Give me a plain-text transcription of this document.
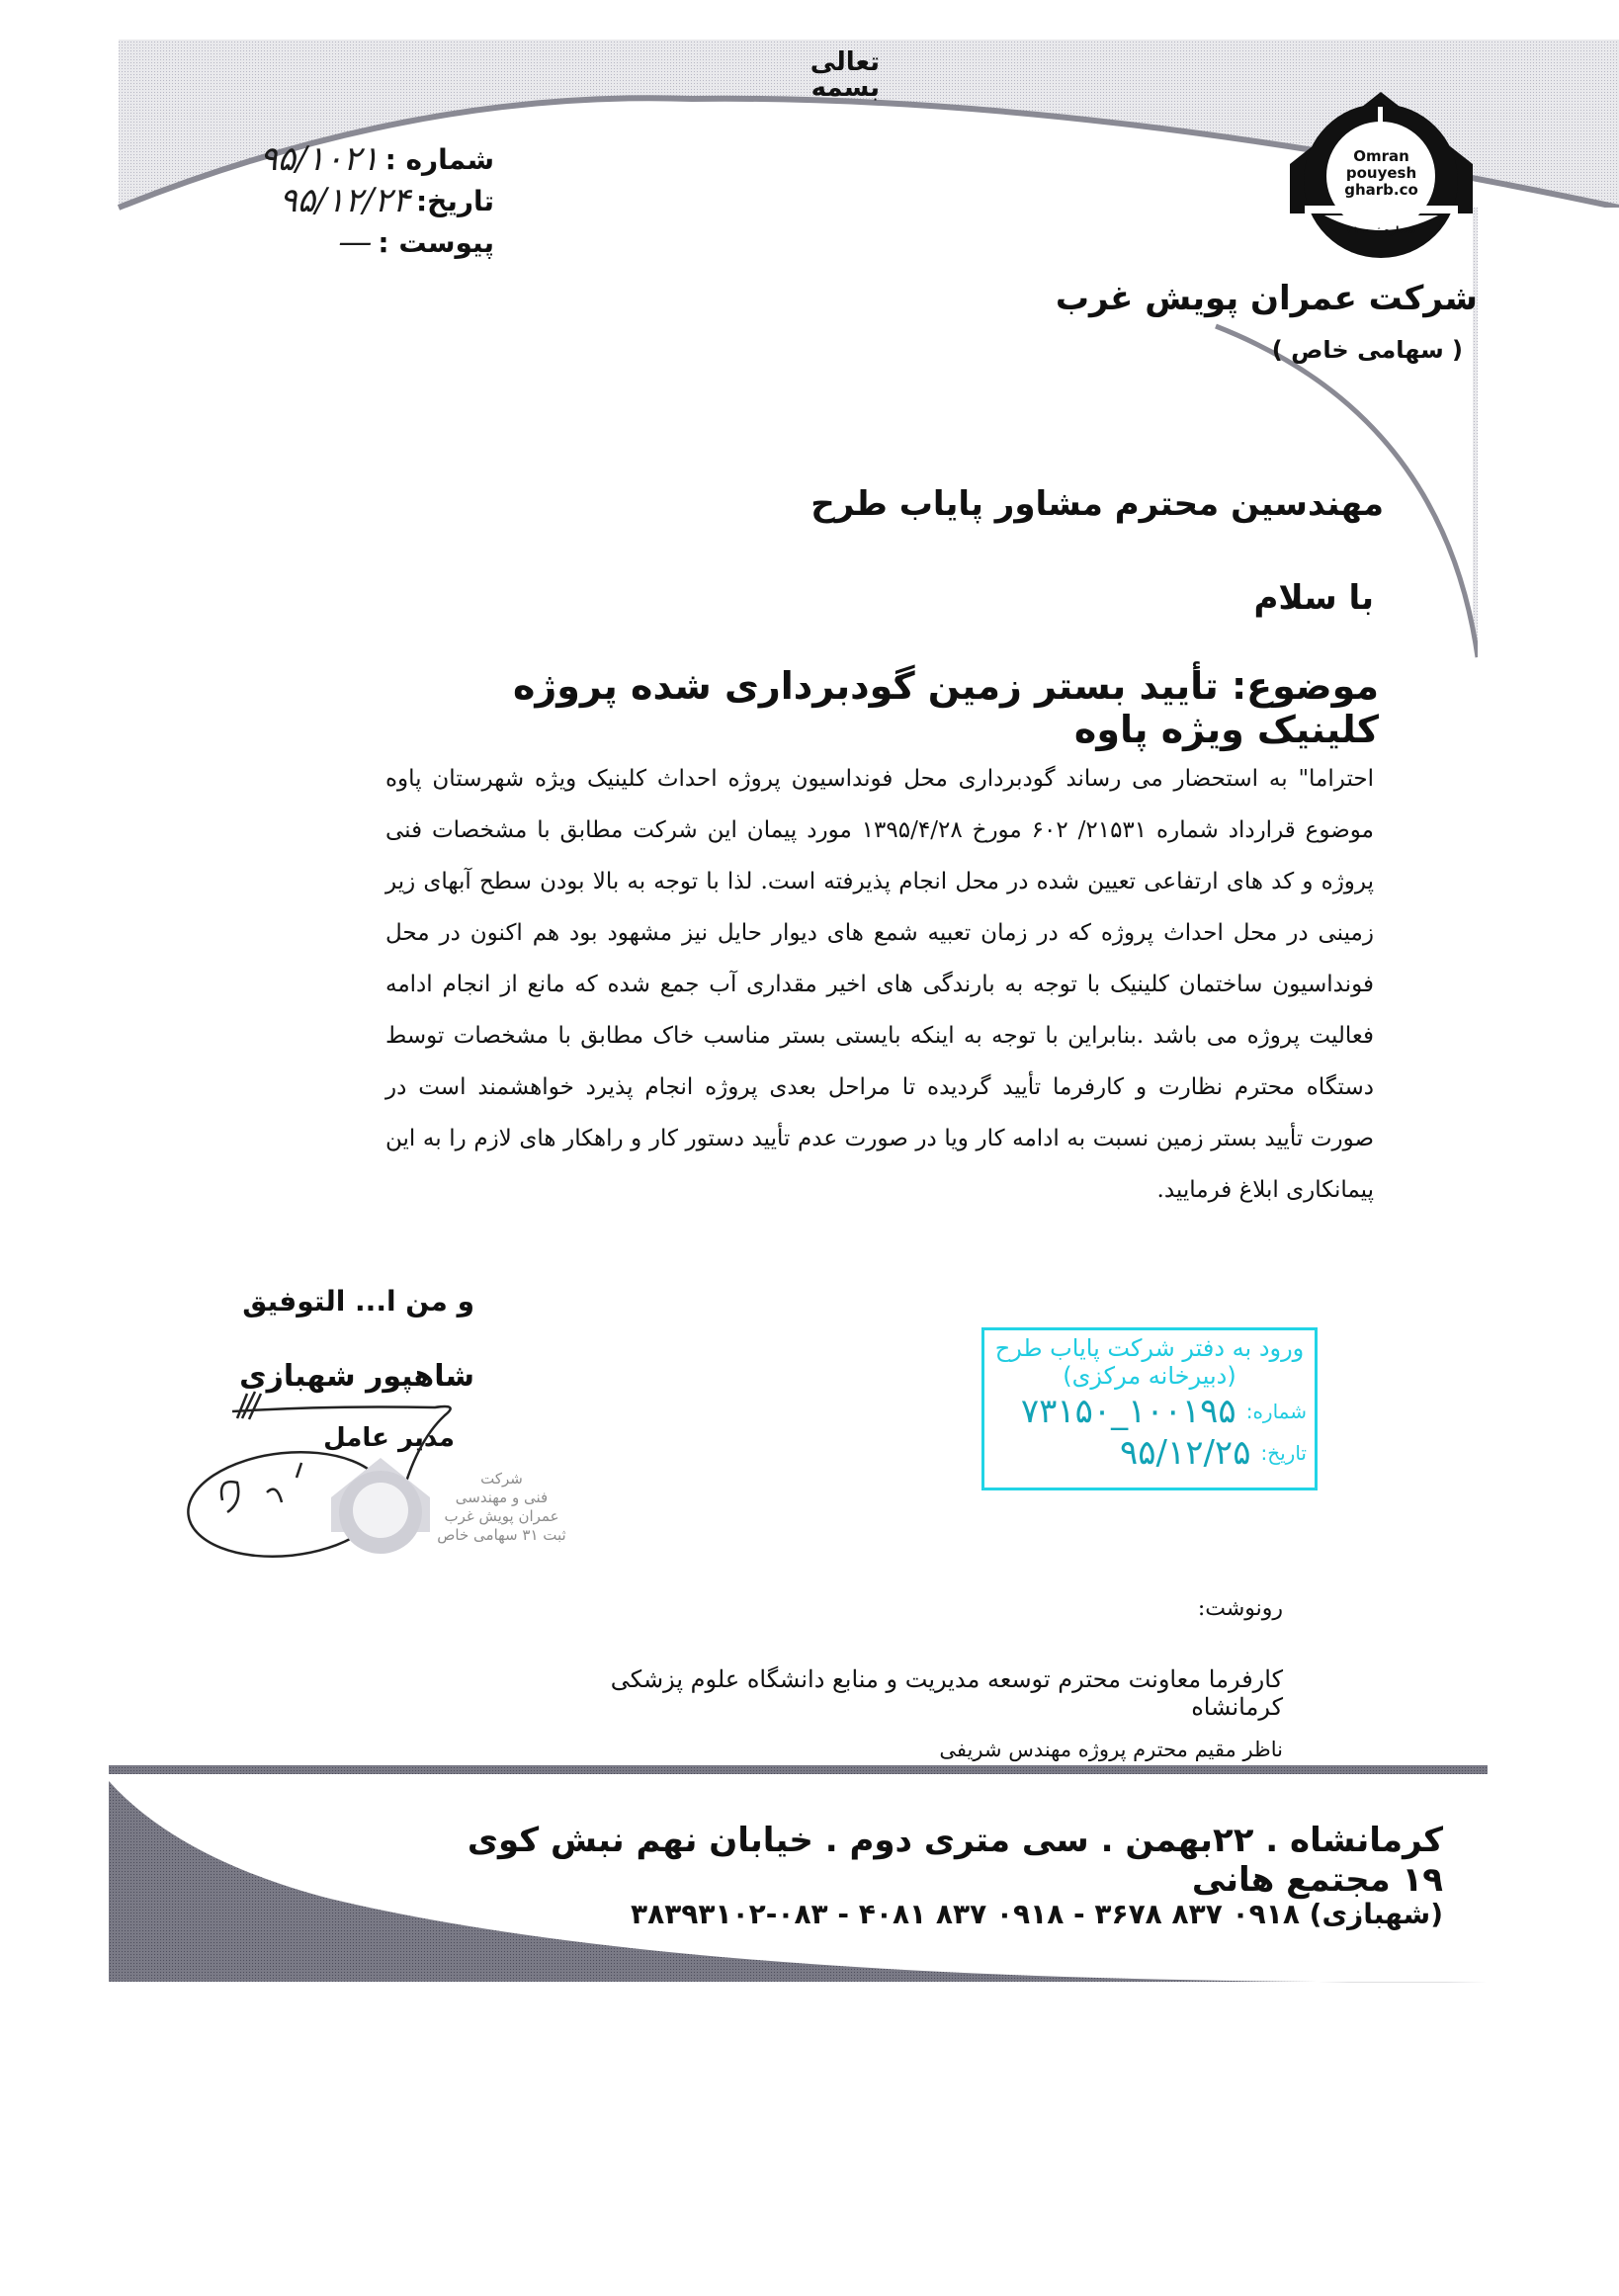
تعالی
بسمه
شماره :
۹۵/۱۰۲۱
تاریخ:
۹۵/۱۲/۲۴
پیوست :
—
Omran
pouyesh
gharb.co
شماره ثبت ۳۱
شرکت عمران پویش غرب
( سهامی خاص )
مهندسین محترم مشاور پایاب طرح
با سلام
موضوع: تأیید بستر زمین گودبرداری شده پروژه کلینیک ویژه پاوه
احتراما" به استحضار می رساند گودبرداری محل فونداسیون پروژه احداث کلینیک ویژه شهرستان پاوه موضوع قرارداد شماره ۲۱۵۳۱/ ۶۰۲ مورخ ۱۳۹۵/۴/۲۸ مورد پیمان این شرکت مطابق با مشخصات فنی پروژه و کد های ارتفاعی تعیین شده در محل انجام پذیرفته است. لذا با توجه به بالا بودن سطح آبهای زیر زمینی در محل احداث پروژه که در زمان تعبیه شمع های دیوار حایل نیز مشهود بود هم اکنون در محل فونداسیون ساختمان کلینیک با توجه به بارندگی های اخیر مقداری آب جمع شده که مانع از انجام ادامه فعالیت پروژه می باشد .بنابراین با توجه به اینکه بایستی بستر مناسب خاک مطابق با مشخصات توسط دستگاه محترم نظارت و کارفرما تأیید گردیده تا مراحل بعدی پروژه انجام پذیرد خواهشمند است در صورت تأیید بستر زمین نسبت به ادامه کار ویا در صورت عدم تأیید دستور کار و راهکار های لازم را به این پیمانکاری ابلاغ فرمایید.
و من ا... التوفیق
شاهپور شهبازی
مدیر عامل
شرکت
فنی و مهندسی
عمران پویش غرب
ثبت ۳۱ سهامی خاص
ورود به دفتر شرکت پایاب طرح
(دبیرخانه مرکزی)
شماره:
۱۰۰۱۹۵_۷۳۱۵۰
تاریخ:
۹۵/۱۲/۲۵
رونوشت:
کارفرما معاونت محترم توسعه مدیریت و منابع دانشگاه علوم پزشکی کرمانشاه
ناظر مقیم محترم پروژه مهندس شریفی
کرمانشاه . ۲۲بهمن . سی متری دوم . خیابان نهم نبش کوی ۱۹ مجتمع هانی
(شهبازی) ۰۹۱۸ ۸۳۷ ۳۶۷۸ - ۰۹۱۸ ۸۳۷ ۴۰۸۱ - ۰۸۳-۳۸۳۹۳۱۰۲
